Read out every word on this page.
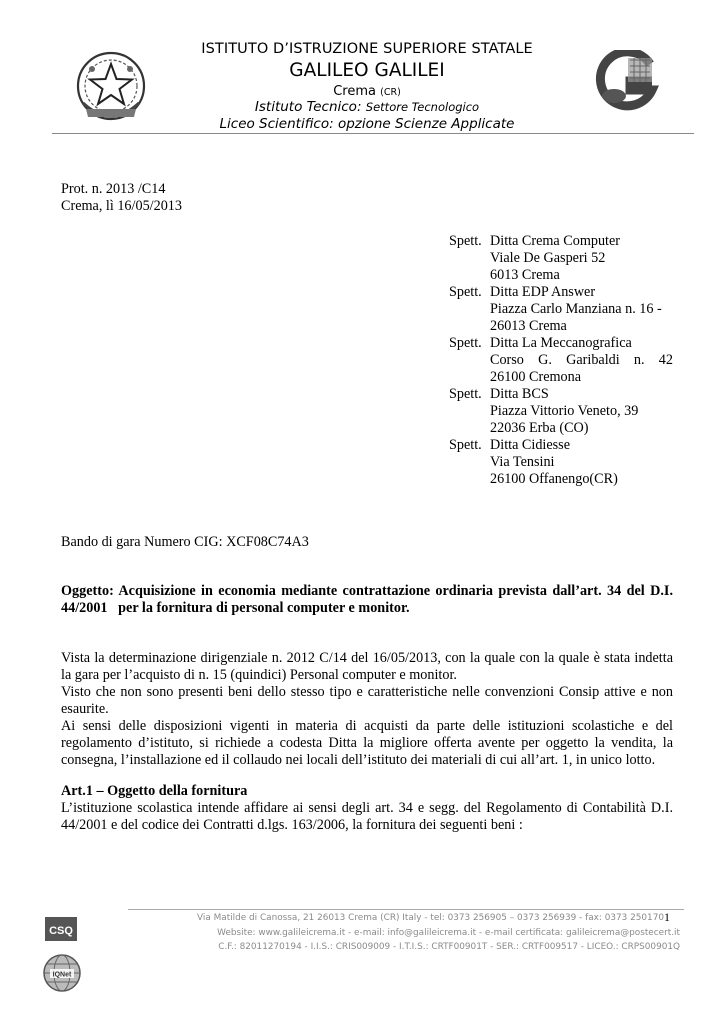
ISTITUTO D’ISTRUZIONE SUPERIORE STATALE
GALILEO GALILEI
Crema (CR)
Istituto Tecnico: Settore Tecnologico
Liceo Scientifico: opzione Scienze Applicate
Prot. n. 2013 /C14
Crema, lì 16/05/2013
Spett. Ditta Crema Computer
Viale De Gasperi 52
6013 Crema
Spett. Ditta EDP Answer
Piazza Carlo Manziana n. 16 -
26013 Crema
Spett. Ditta La Meccanografica
Corso G. Garibaldi n. 42
26100 Cremona
Spett. Ditta BCS
Piazza Vittorio Veneto, 39
22036 Erba (CO)
Spett. Ditta Cidiesse
Via Tensini
26100 Offanengo(CR)
Bando di gara Numero CIG: XCF08C74A3
Oggetto: Acquisizione in economia mediante contrattazione ordinaria prevista dall’art. 34 del D.I.
44/2001   per la fornitura di personal computer e monitor.

Vista la determinazione dirigenziale n. 2012 C/14 del 16/05/2013, con la quale con la quale è stata indetta la gara per l’acquisto di n. 15 (quindici) Personal computer e monitor.

Visto che non sono presenti beni dello stesso tipo e caratteristiche nelle convenzioni Consip attive e non esaurite.

Ai sensi delle disposizioni vigenti in materia di acquisti da parte delle istituzioni scolastiche e del regolamento d’istituto, si richiede a codesta Ditta la migliore offerta avente per oggetto la vendita, la consegna, l’installazione ed il collaudo nei locali dell’istituto dei materiali di cui all’art. 1, in unico lotto.

Art.1 – Oggetto della fornitura
L’istituzione scolastica intende affidare ai sensi degli art. 34 e segg. del Regolamento di Contabilità D.I. 44/2001 e del codice dei Contratti d.lgs. 163/2006, la fornitura dei seguenti beni :
Via Matilde di Canossa, 21 26013 Crema (CR) Italy - tel: 0373 256905 – 0373 256939 - fax: 0373 250170 1
Website: www.galileicrema.it - e-mail: info@galileicrema.it - e-mail certificata: galileicrema@postecert.it
C.F.: 82011270194 - I.I.S.: CRIS009009 - I.T.I.S.: CRTF00901T - SER.: CRTF009517 - LICEO.: CRPS00901Q
CSQ
IQNet
